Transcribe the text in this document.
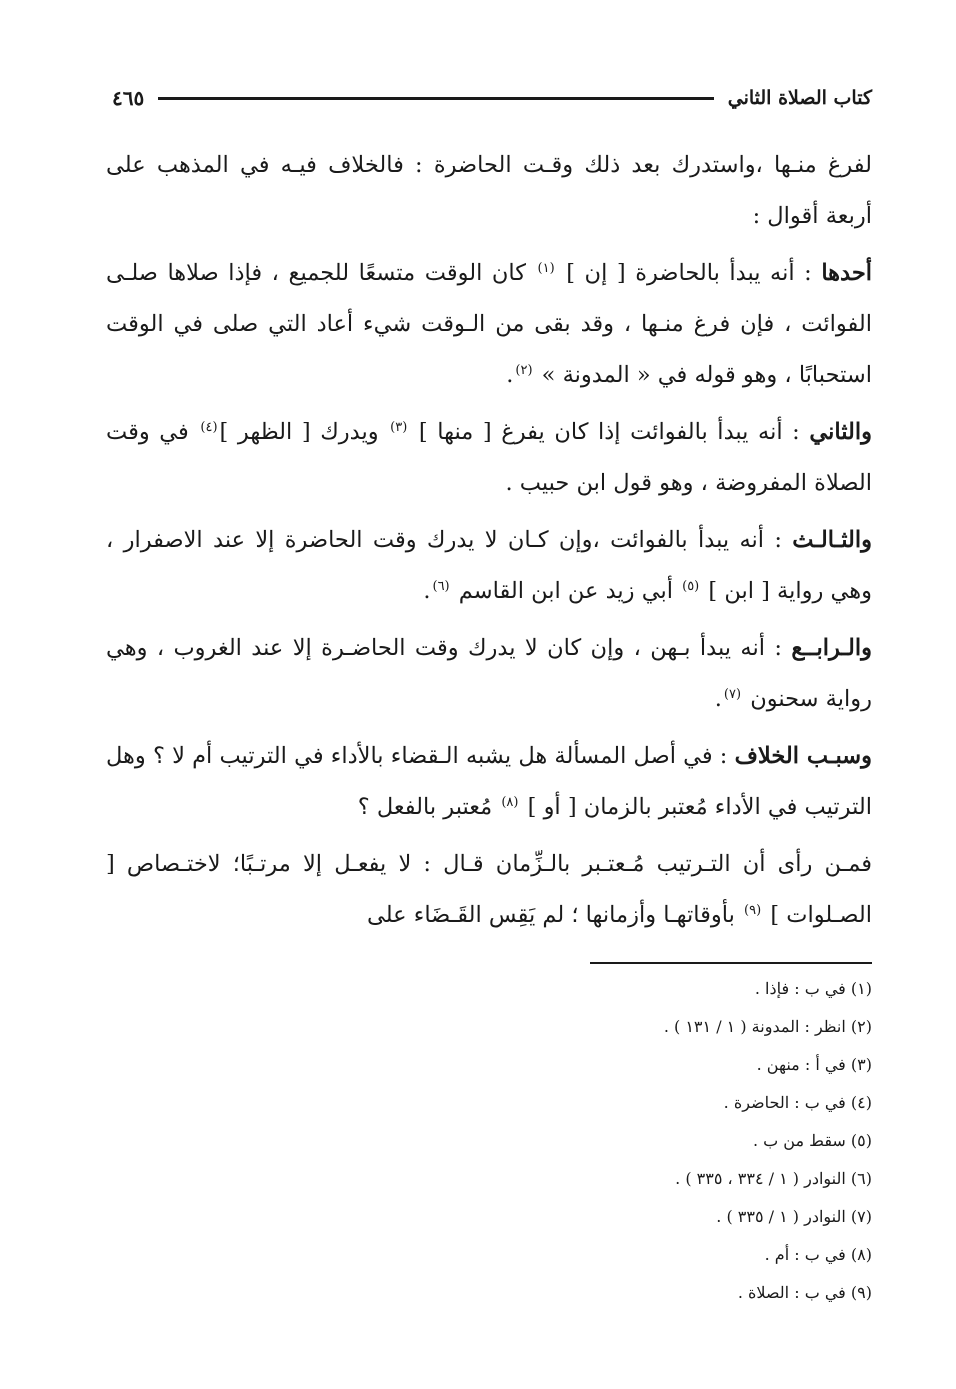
كتاب الصلاة الثاني
٤٦٥

لفرغ منـها ،واستدرك بعد ذلك وقـت الحاضرة : فالخلاف فيـه في المذهب على أربعة أقوال :

أحدها : أنه يبدأ بالحاضرة [ إن ] $^{(١)}$ كان الوقت متسعًا للجميع ، فإذا صلاها صلـى الفوائت ، فإن فرغ منـها ، وقد بقى من الـوقت شيء أعاد التي صلى في الوقت استحبابًا ، وهو قوله في « المدونة » $^{(٢)}$.

والثاني : أنه يبدأ بالفوائت إذا كان يفرغ [ منها ] $^{(٣)}$ ويدرك [ الظهر ]$^{(٤)}$ في وقت الصلاة المفروضة ، وهو قول ابن حبيب .

والثـالـث : أنه يبدأ بالفوائت ،وإن كـان لا يدرك وقت الحاضرة إلا عند الاصفرار ، وهي رواية [ ابن ] $^{(٥)}$ أبي زيد عن ابن القاسم $^{(٦)}$.

والـرابــع : أنه يبدأ بـهن ، وإن كان لا يدرك وقت الحاضـرة إلا عند الغروب ، وهي رواية سحنون $^{(٧)}$.

وسبـب الخلاف : في أصل المسألة هل يشبه الـقضاء بالأداء في الترتيب أم لا ؟ وهل الترتيب في الأداء مُعتبر بالزمان [ أو ] $^{(٨)}$ مُعتبر بالفعل ؟

فمـن رأى أن التـرتيب مُـعتـبر بالـزِّمان قـال : لا يفعـل إلا مرتـبًا؛ لاختـصاص [ الصـلوات ] $^{(٩)}$ بأوقاتهـا وأزمانها ؛ لم يَقِس القَـضَاء على

(١) في ب : فإذا .
(٢) انظر : المدونة ( ١ / ١٣١ ) .
(٣) في أ : منهن .
(٤) في ب : الحاضرة .
(٥) سقط من ب .
(٦) النوادر ( ١ / ٣٣٤ ، ٣٣٥ ) .
(٧) النوادر ( ١ / ٣٣٥ ) .
(٨) في ب : أم .
(٩) في ب : الصلاة .
